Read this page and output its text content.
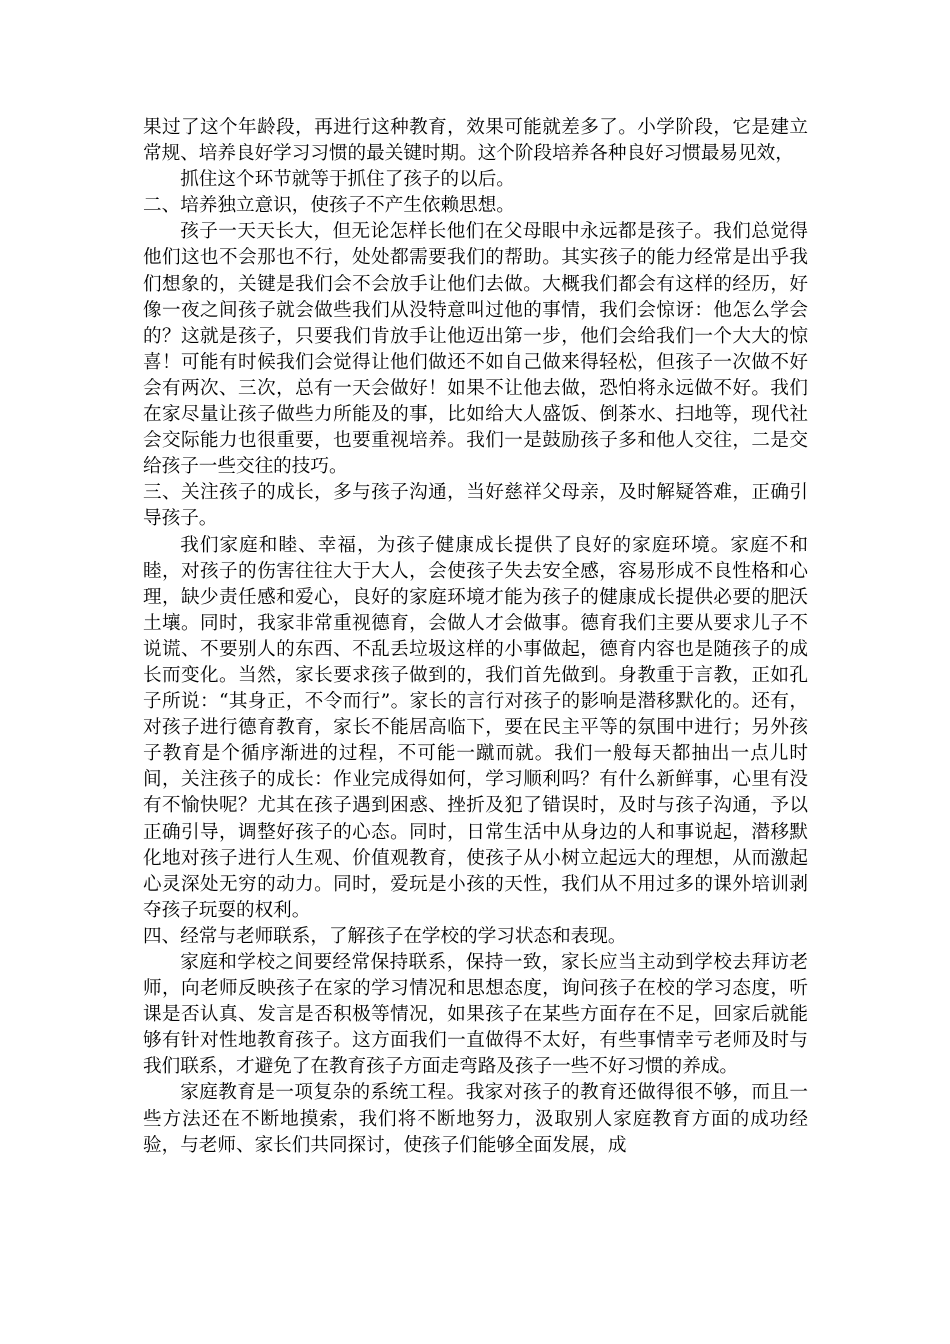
果过了这个年龄段，再进行这种教育，效果可能就差多了。小学阶段，它是建立常规、培养良好学习习惯的最关键时期。这个阶段培养各种良好习惯最易见效，

抓住这个环节就等于抓住了孩子的以后。

二、培养独立意识，使孩子不产生依赖思想。

孩子一天天长大，但无论怎样长他们在父母眼中永远都是孩子。我们总觉得他们这也不会那也不行，处处都需要我们的帮助。其实孩子的能力经常是出乎我们想象的，关键是我们会不会放手让他们去做。大概我们都会有这样的经历，好像一夜之间孩子就会做些我们从没特意叫过他的事情，我们会惊讶：他怎么学会的？这就是孩子，只要我们肯放手让他迈出第一步，他们会给我们一个大大的惊喜！可能有时候我们会觉得让他们做还不如自己做来得轻松，但孩子一次做不好会有两次、三次，总有一天会做好！如果不让他去做，恐怕将永远做不好。我们在家尽量让孩子做些力所能及的事，比如给大人盛饭、倒茶水、扫地等，现代社会交际能力也很重要，也要重视培养。我们一是鼓励孩子多和他人交往，二是交给孩子一些交往的技巧。

三、关注孩子的成长，多与孩子沟通，当好慈祥父母亲，及时解疑答难，正确引导孩子。

我们家庭和睦、幸福，为孩子健康成长提供了良好的家庭环境。家庭不和睦，对孩子的伤害往往大于大人，会使孩子失去安全感，容易形成不良性格和心理，缺少责任感和爱心，良好的家庭环境才能为孩子的健康成长提供必要的肥沃土壤。同时，我家非常重视德育，会做人才会做事。德育我们主要从要求儿子不说谎、不要别人的东西、不乱丢垃圾这样的小事做起，德育内容也是随孩子的成长而变化。当然，家长要求孩子做到的，我们首先做到。身教重于言教，正如孔子所说：“其身正，不令而行”。家长的言行对孩子的影响是潜移默化的。还有，对孩子进行德育教育，家长不能居高临下，要在民主平等的氛围中进行；另外孩子教育是个循序渐进的过程，不可能一蹴而就。我们一般每天都抽出一点儿时间，关注孩子的成长：作业完成得如何，学习顺利吗？有什么新鲜事，心里有没有不愉快呢？尤其在孩子遇到困惑、挫折及犯了错误时，及时与孩子沟通，予以正确引导，调整好孩子的心态。同时，日常生活中从身边的人和事说起，潜移默化地对孩子进行人生观、价值观教育，使孩子从小树立起远大的理想，从而激起心灵深处无穷的动力。同时，爱玩是小孩的天性，我们从不用过多的课外培训剥夺孩子玩耍的权利。

四、经常与老师联系，了解孩子在学校的学习状态和表现。

家庭和学校之间要经常保持联系，保持一致，家长应当主动到学校去拜访老师，向老师反映孩子在家的学习情况和思想态度，询问孩子在校的学习态度，听课是否认真、发言是否积极等情况，如果孩子在某些方面存在不足，回家后就能够有针对性地教育孩子。这方面我们一直做得不太好，有些事情幸亏老师及时与我们联系，才避免了在教育孩子方面走弯路及孩子一些不好习惯的养成。

家庭教育是一项复杂的系统工程。我家对孩子的教育还做得很不够，而且一些方法还在不断地摸索，我们将不断地努力，汲取别人家庭教育方面的成功经验，与老师、家长们共同探讨，使孩子们能够全面发展，成
